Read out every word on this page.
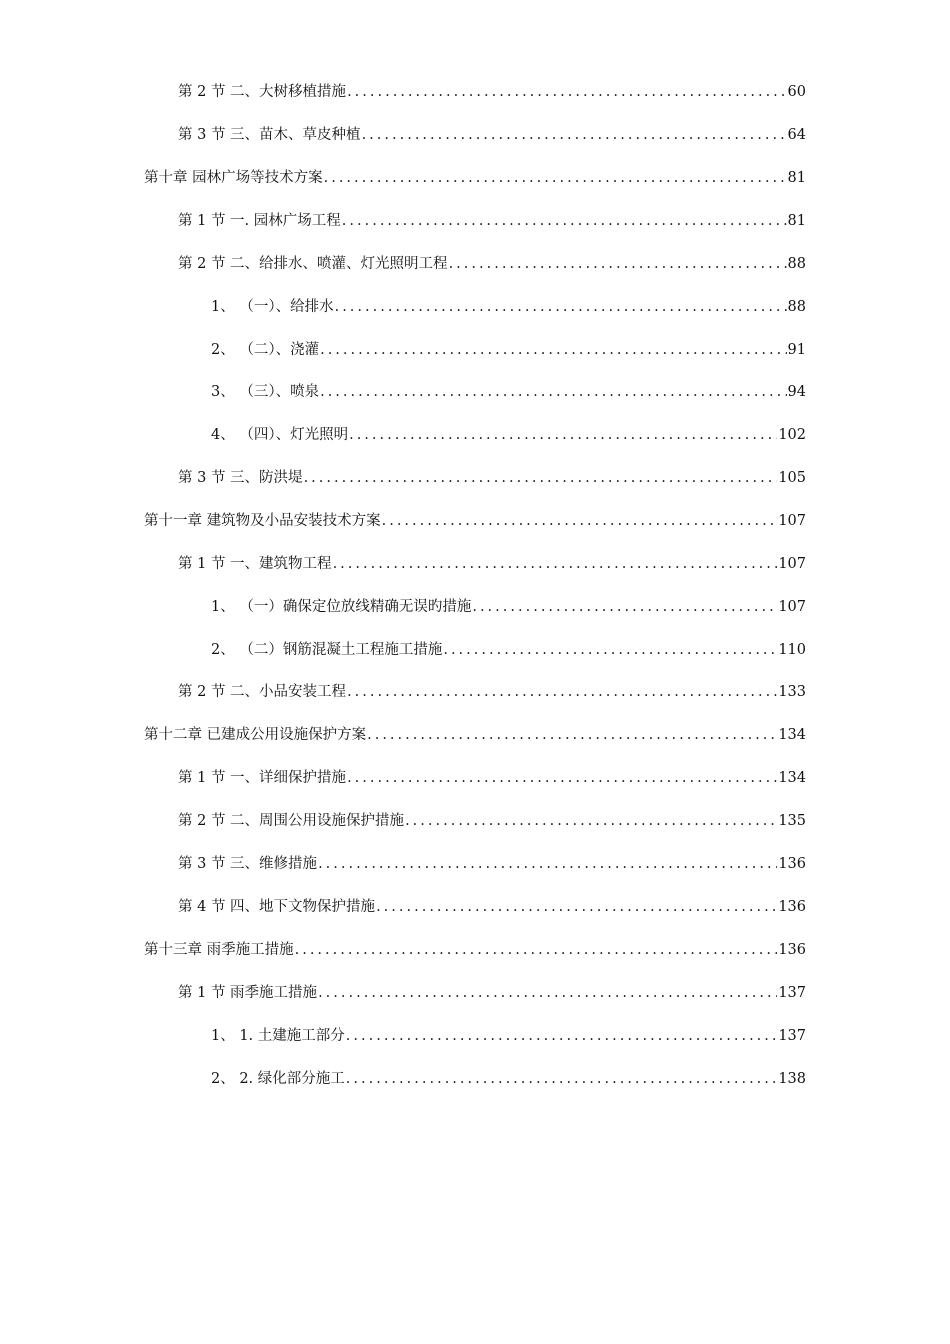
第 2 节 二、大树移植措施 .....	60
第 3 节 三、苗木、草皮种植 .....	64
第十章 园林广场等技术方案 .....	81
第 1 节 一. 园林广场工程 .....	81
第 2 节 二、给排水、喷灌、灯光照明工程 .....	88
1、 （一）、给排水 .....	88
2、 （二）、浇灌 .....	91
3、 （三）、喷泉 .....	94
4、 （四）、灯光照明 .....	102
第 3 节 三、防洪堤 .....	105
第十一章 建筑物及小品安装技术方案 .....	107
第 1 节 一、建筑物工程 .....	107
1、 （一）确保定位放线精确无误旳措施 .....	107
2、 （二）钢筋混凝土工程施工措施 .....	110
第 2 节 二、小品安装工程 .....	133
第十二章 已建成公用设施保护方案 .....	134
第 1 节 一、详细保护措施 .....	134
第 2 节 二、周围公用设施保护措施 .....	135
第 3 节 三、维修措施 .....	136
第 4 节 四、地下文物保护措施 .....	136
第十三章 雨季施工措施 .....	136
第 1 节 雨季施工措施 .....	137
1、 1. 土建施工部分 .....	137
2、 2. 绿化部分施工 .....	138
